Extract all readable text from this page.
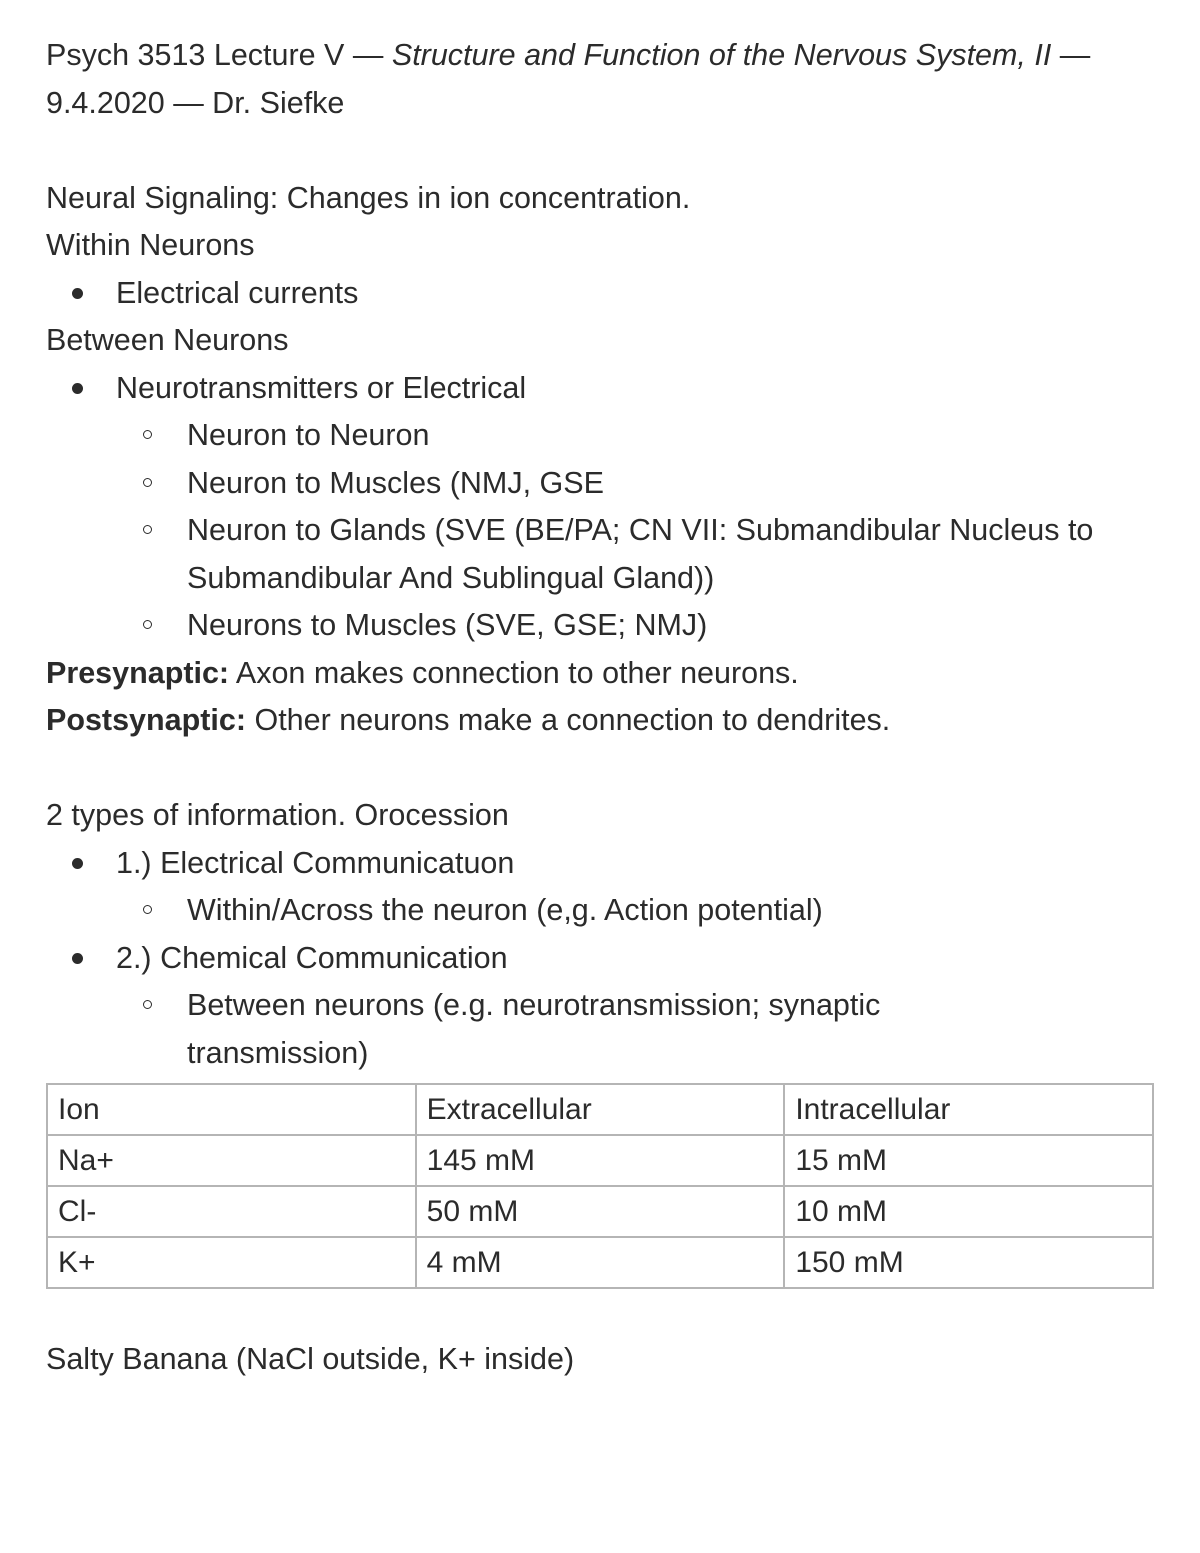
Psych 3513 Lecture V — Structure and Function of the Nervous System, II — 9.4.2020 — Dr. Siefke
Neural Signaling: Changes in ion concentration.
Within Neurons
Electrical currents
Between Neurons
Neurotransmitters or Electrical
Neuron to Neuron
Neuron to Muscles (NMJ, GSE
Neuron to Glands (SVE (BE/PA; CN VII: Submandibular Nucleus to Submandibular And Sublingual Gland))
Neurons to Muscles (SVE, GSE; NMJ)
Presynaptic: Axon makes connection to other neurons.
Postsynaptic: Other neurons make a connection to dendrites.
2 types of information. Orocession
1.) Electrical Communicatuon
Within/Across the neuron (e,g. Action potential)
2.) Chemical Communication
Between neurons (e.g. neurotransmission; synaptic transmission)
Ion	Extracellular	Intracellular
Na+	145 mM	15 mM
Cl-	50 mM	10 mM
K+	4 mM	150 mM
Salty Banana (NaCl outside, K+ inside)
